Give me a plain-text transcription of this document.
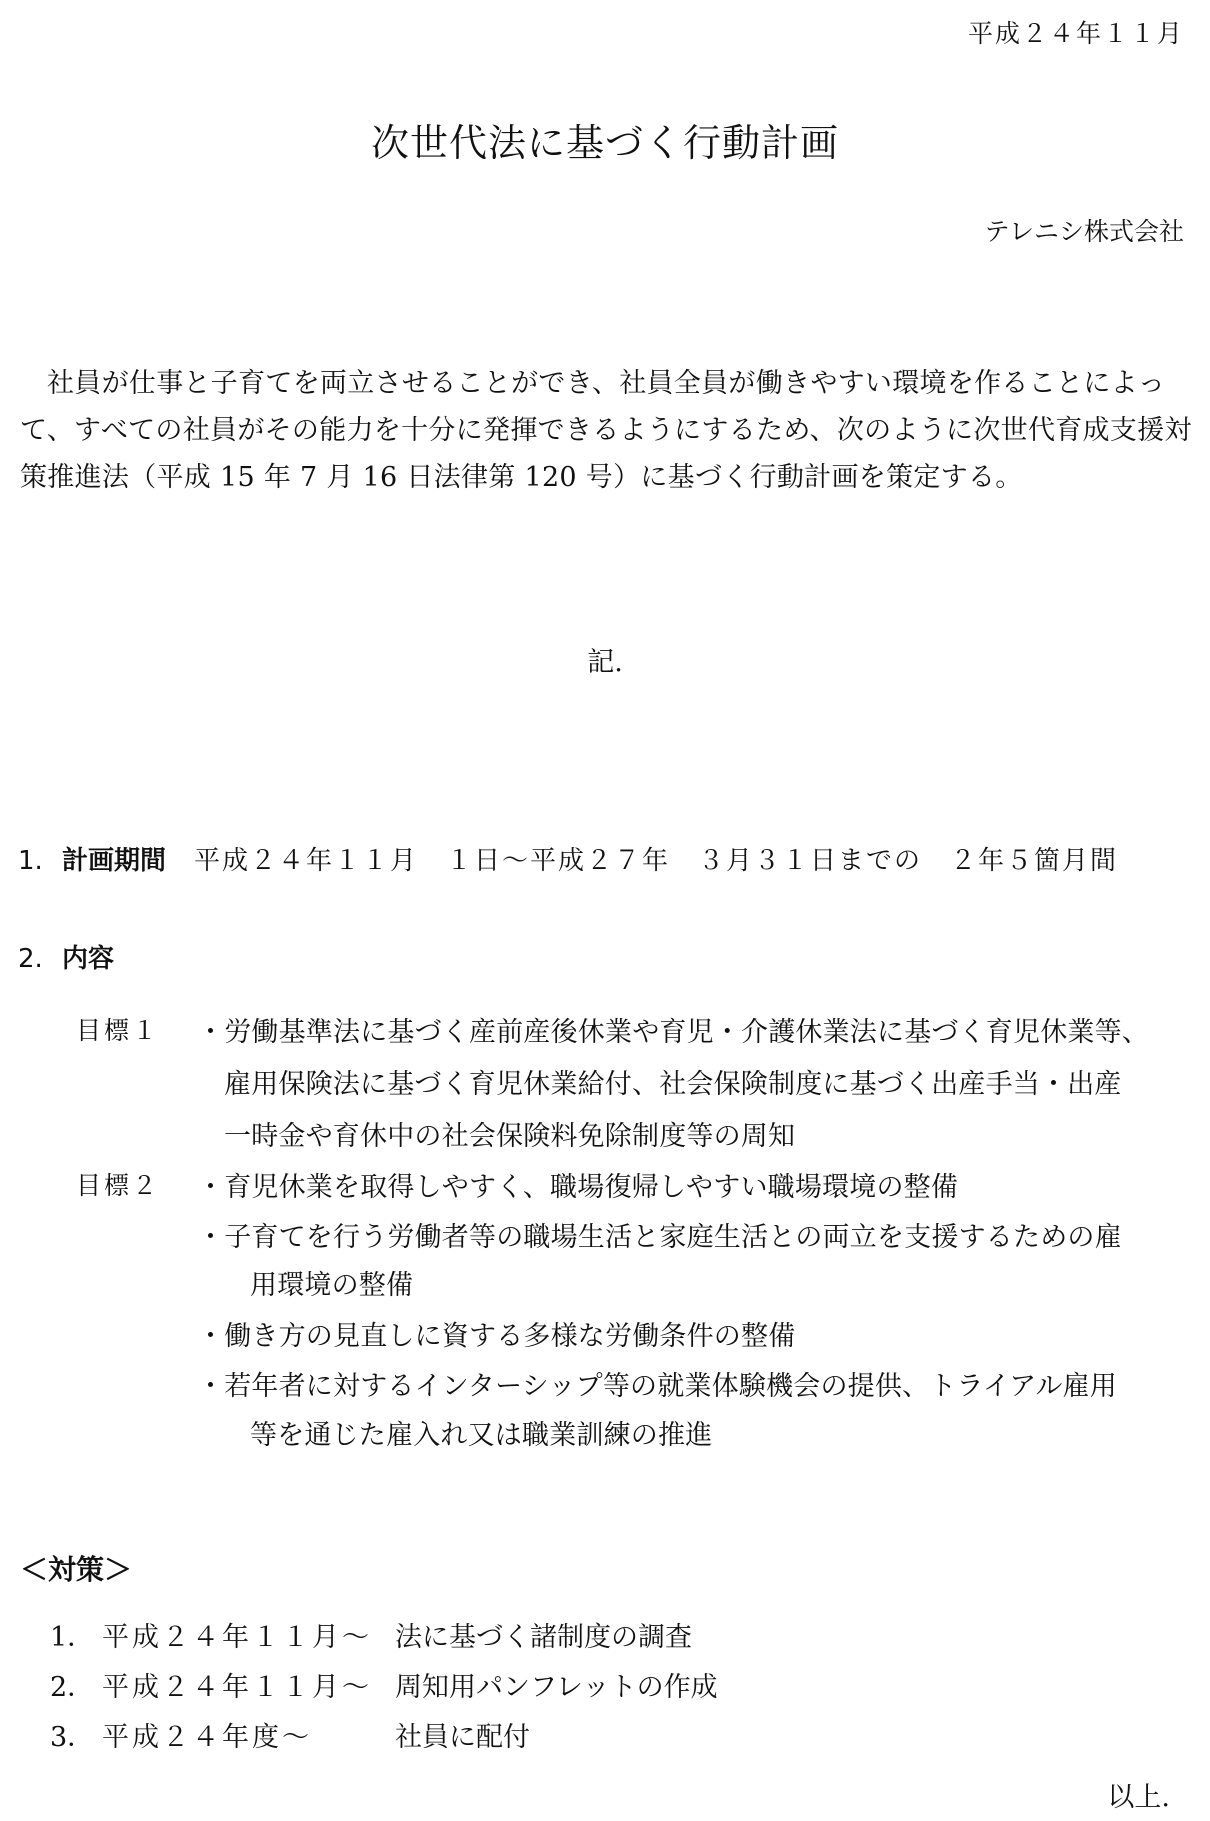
平成２４年１１月
次世代法に基づく行動計画
テレニシ株式会社
社員が仕事と子育てを両立させることができ、社員全員が働きやすい環境を作ることによって、すべての社員がその能力を十分に発揮できるようにするため、次のように次世代育成支援対策推進法（平成 15 年 7 月 16 日法律第 120 号）に基づく行動計画を策定する。
記.
1. 計画期間 平成２４年１１月　１日～平成２７年　３月３１日までの　２年５箇月間
2. 内容
目標１ ・労働基準法に基づく産前産後休業や育児・介護休業法に基づく育児休業等、
雇用保険法に基づく育児休業給付、社会保険制度に基づく出産手当・出産
一時金や育休中の社会保険料免除制度等の周知
目標２ ・育児休業を取得しやすく、職場復帰しやすい職場環境の整備
・子育てを行う労働者等の職場生活と家庭生活との両立を支援するための雇
用環境の整備
・働き方の見直しに資する多様な労働条件の整備
・若年者に対するインターシップ等の就業体験機会の提供、トライアル雇用
等を通じた雇入れ又は職業訓練の推進
＜対策＞
1． 平成２４年１１月～ 法に基づく諸制度の調査
2． 平成２４年１１月～ 周知用パンフレットの作成
3． 平成２４年度～	社員に配付
以上.
